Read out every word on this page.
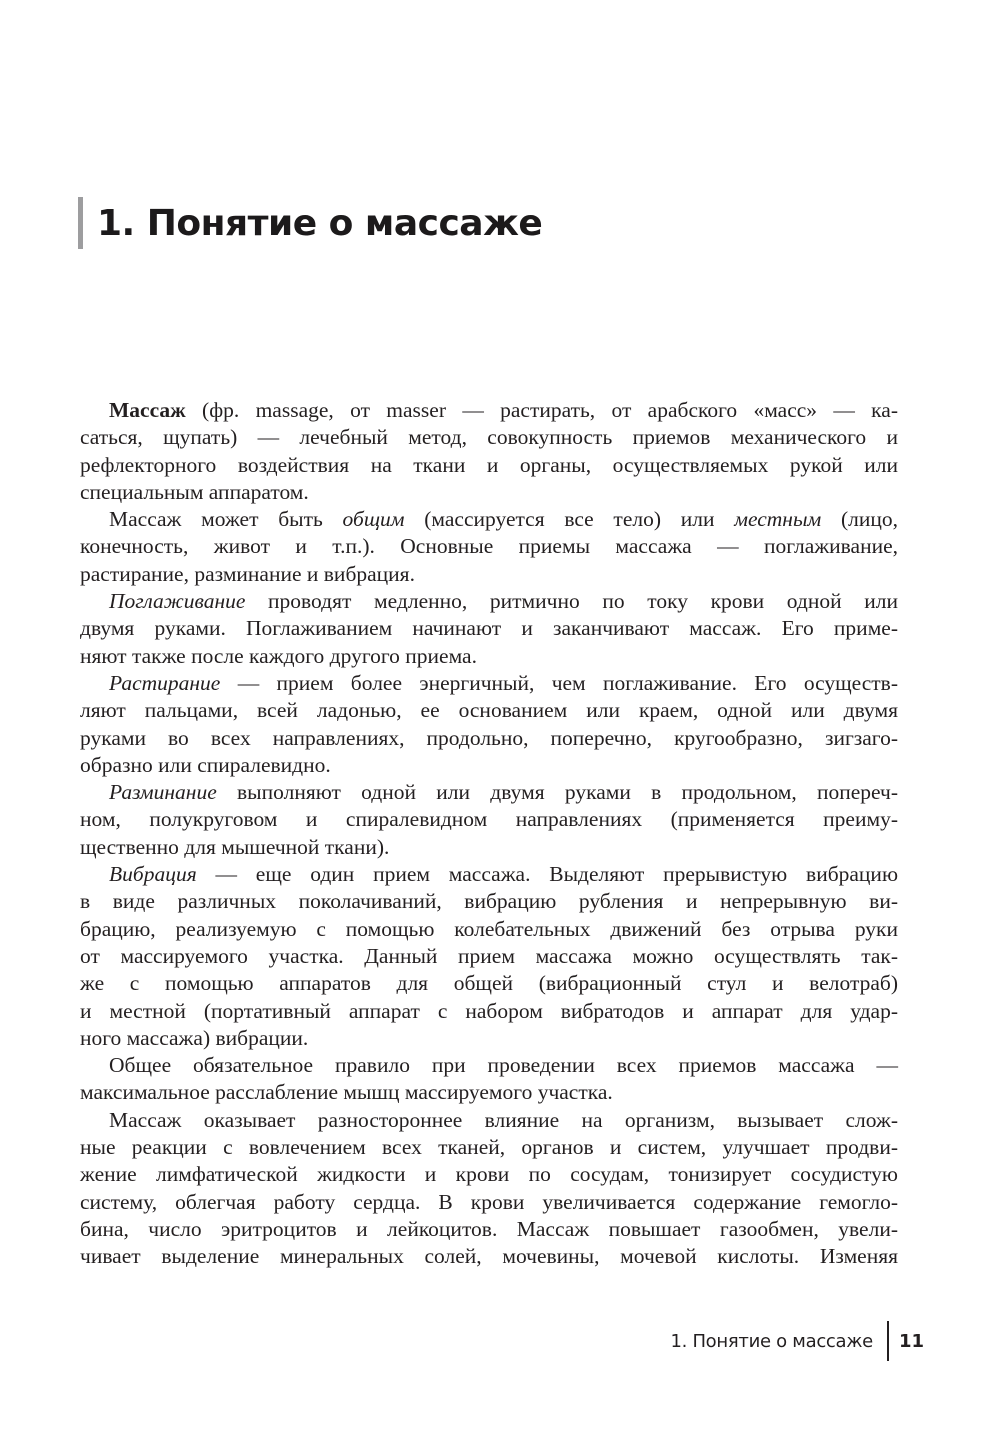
1. Понятие о массаже

Массаж (фр. massage, от masser — растирать, от арабского «масс» — ка-
саться, щупать) — лечебный метод, совокупность приемов механического и
рефлекторного воздействия на ткани и органы, осуществляемых рукой или
специальным аппаратом.

Массаж может быть общим (массируется все тело) или местным (лицо,
конечность, живот и т.п.). Основные приемы массажа — поглаживание,
растирание, разминание и вибрация.

Поглаживание проводят медленно, ритмично по току крови одной или
двумя руками. Поглаживанием начинают и заканчивают массаж. Его приме-
няют также после каждого другого приема.

Растирание — прием более энергичный, чем поглаживание. Его осуществ-
ляют пальцами, всей ладонью, ее основанием или краем, одной или двумя
руками во всех направлениях, продольно, поперечно, кругообразно, зигзаго-
образно или спиралевидно.

Разминание выполняют одной или двумя руками в продольном, попереч-
ном, полукруговом и спиралевидном направлениях (применяется преиму-
щественно для мышечной ткани).

Вибрация — еще один прием массажа. Выделяют прерывистую вибрацию
в виде различных поколачиваний, вибрацию рубления и непрерывную ви-
брацию, реализуемую с помощью колебательных движений без отрыва руки
от массируемого участка. Данный прием массажа можно осуществлять так-
же с помощью аппаратов для общей (вибрационный стул и велотраб)
и местной (портативный аппарат с набором вибратодов и аппарат для удар-
ного массажа) вибрации.

Общее обязательное правило при проведении всех приемов массажа —
максимальное расслабление мышц массируемого участка.

Массаж оказывает разностороннее влияние на организм, вызывает слож-
ные реакции с вовлечением всех тканей, органов и систем, улучшает продви-
жение лимфатической жидкости и крови по сосудам, тонизирует сосудистую
систему, облегчая работу сердца. В крови увеличивается содержание гемогло-
бина, число эритроцитов и лейкоцитов. Массаж повышает газообмен, увели-
чивает выделение минеральных солей, мочевины, мочевой кислоты. Изменяя

1. Понятие о массаже 11
